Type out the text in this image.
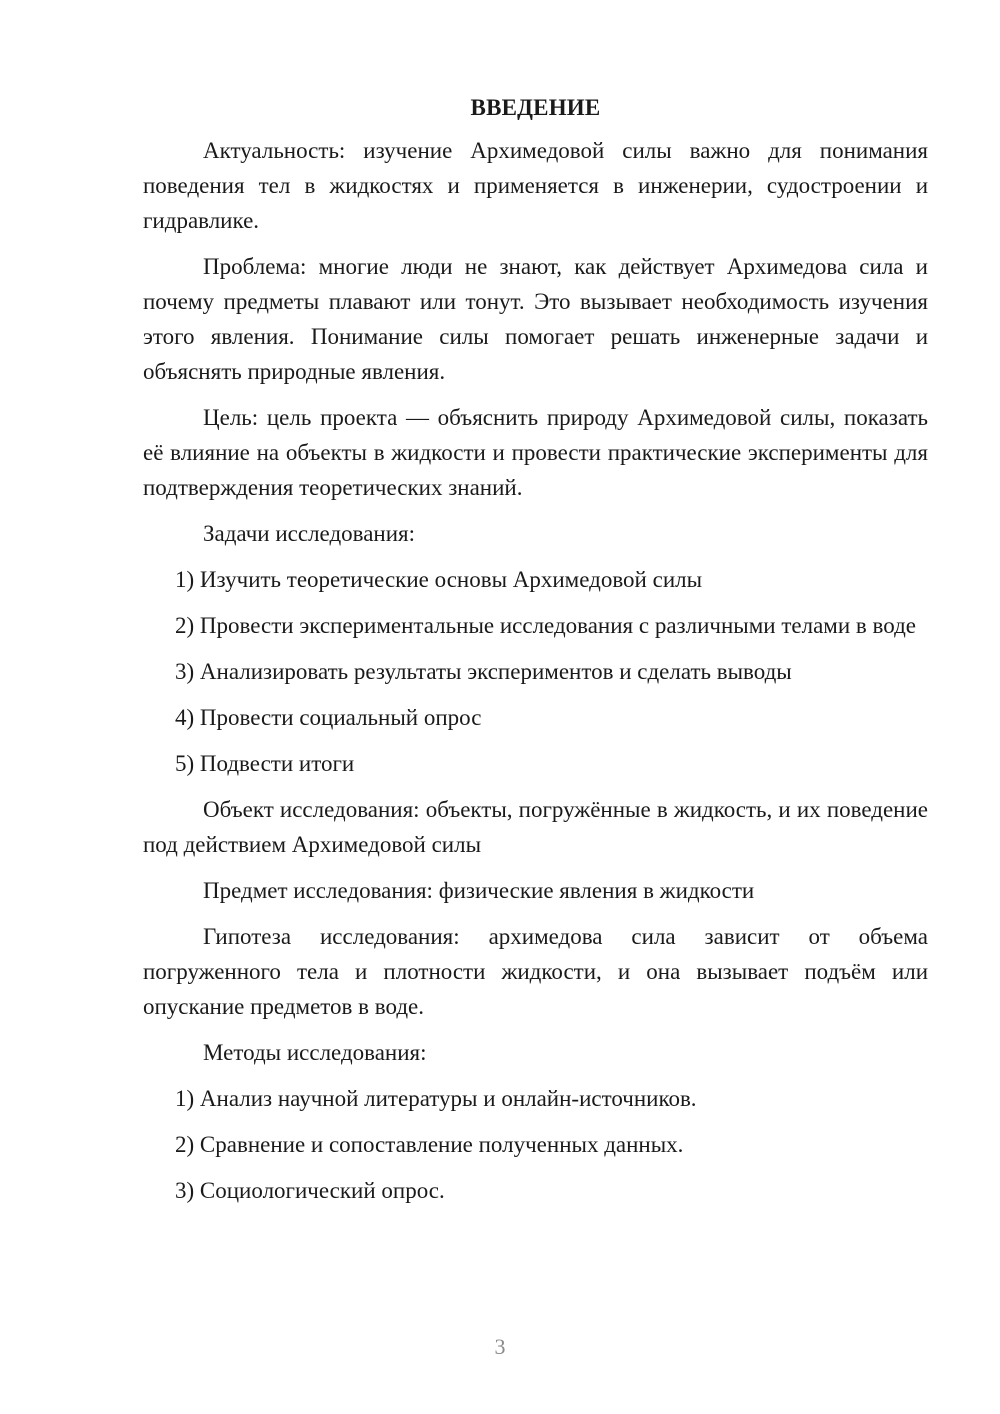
ВВЕДЕНИЕ
Актуальность: изучение Архимедовой силы важно для понимания поведения тел в жидкостях и применяется в инженерии, судостроении и гидравлике.
Проблема: многие люди не знают, как действует Архимедова сила и почему предметы плавают или тонут. Это вызывает необходимость изучения этого явления. Понимание силы помогает решать инженерные задачи и объяснять природные явления.
Цель: цель проекта — объяснить природу Архимедовой силы, показать её влияние на объекты в жидкости и провести практические эксперименты для подтверждения теоретических знаний.
Задачи исследования:
1) Изучить теоретические основы Архимедовой силы
2) Провести экспериментальные исследования с различными телами в воде
3) Анализировать результаты экспериментов и сделать выводы
4) Провести социальный опрос
5) Подвести итоги
Объект исследования: объекты, погружённые в жидкость, и их поведение под действием Архимедовой силы
Предмет исследования: физические явления в жидкости
Гипотеза исследования: архимедова сила зависит от объема погруженного тела и плотности жидкости, и она вызывает подъём или опускание предметов в воде.
Методы исследования:
1) Анализ научной литературы и онлайн-источников.
2) Сравнение и сопоставление полученных данных.
3) Социологический опрос.
3
